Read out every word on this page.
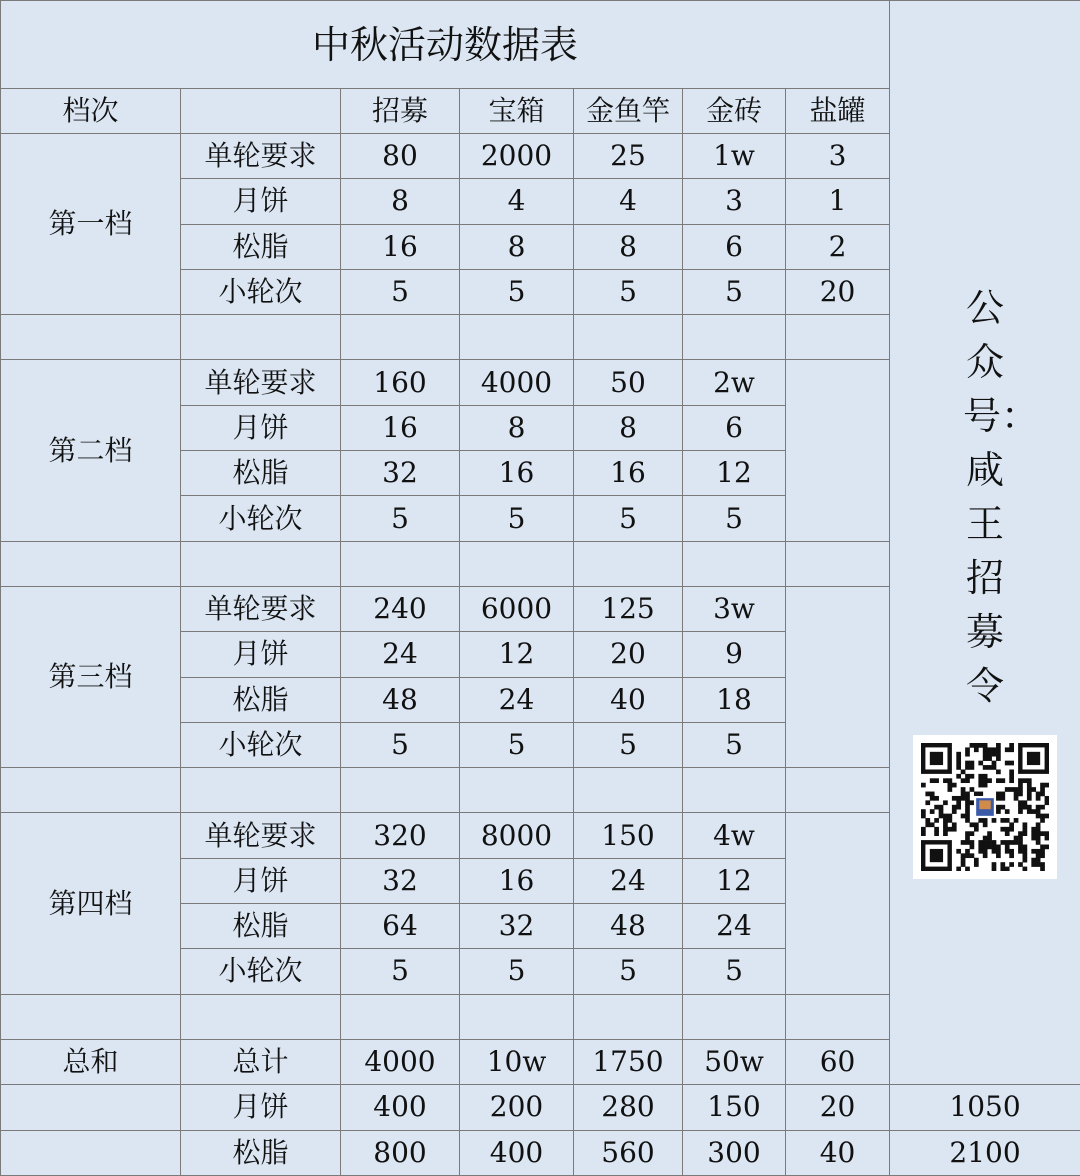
中秋活动数据表							公众号：咸王招募令	

档次		招募	宝箱	金鱼竿	金砖	盐罐		
第一档	单轮要求	80	2000	25	1w	3		
	月饼	8	4	4	3	1		
	松脂	16	8	8	6	2		
	小轮次	5	5	5	5	20		

第二档	单轮要求	160	4000	50	2w			
	月饼	16	8	8	6			
	松脂	32	16	16	12			
	小轮次	5	5	5	5			

第三档	单轮要求	240	6000	125	3w			
	月饼	24	12	20	9			
	松脂	48	24	40	18			
	小轮次	5	5	5	5			

第四档	单轮要求	320	8000	150	4w			
	月饼	32	16	24	12			
	松脂	64	32	48	24			
	小轮次	5	5	5	5			

总和	总计	4000	10w	1750	50w	60	
	月饼	400	200	280	150	20	1050	
	松脂	800	400	560	300	40	2100	
